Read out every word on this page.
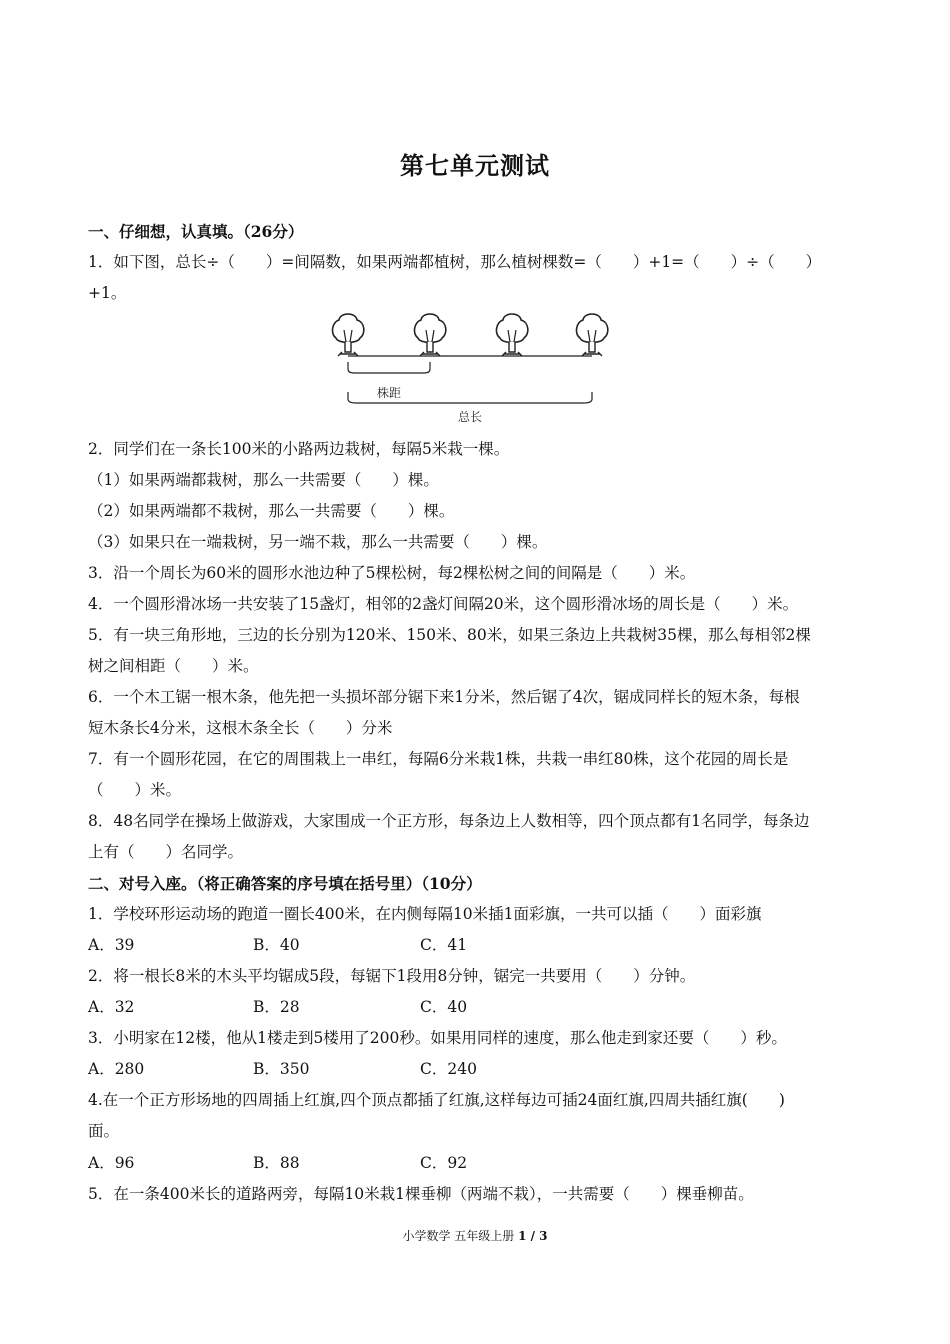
第七单元测试
一、仔细想，认真填。（26分）
1．如下图，总长÷（　　）=间隔数，如果两端都植树，那么植树棵数=（　　）+1=（　　）÷（　　）
+1。
株距
总长
2．同学们在一条长100米的小路两边栽树，每隔5米栽一棵。
（1）如果两端都栽树，那么一共需要（　　）棵。
（2）如果两端都不栽树，那么一共需要（　　）棵。
（3）如果只在一端栽树，另一端不栽，那么一共需要（　　）棵。
3．沿一个周长为60米的圆形水池边种了5棵松树，每2棵松树之间的间隔是（　　）米。
4．一个圆形滑冰场一共安装了15盏灯，相邻的2盏灯间隔20米，这个圆形滑冰场的周长是（　　）米。
5．有一块三角形地，三边的长分别为120米、150米、80米，如果三条边上共栽树35棵，那么每相邻2棵
树之间相距（　　）米。
6．一个木工锯一根木条，他先把一头损坏部分锯下来1分米，然后锯了4次，锯成同样长的短木条，每根
短木条长4分米，这根木条全长（　　）分米
7．有一个圆形花园，在它的周围栽上一串红，每隔6分米栽1株，共栽一串红80株，这个花园的周长是
（　　）米。
8．48名同学在操场上做游戏，大家围成一个正方形，每条边上人数相等，四个顶点都有1名同学，每条边
上有（　　）名同学。
二、对号入座。（将正确答案的序号填在括号里）（10分）
1．学校环形运动场的跑道一圈长400米，在内侧每隔10米插1面彩旗，一共可以插（　　）面彩旗
A．39	B．40	C．41
2．将一根长8米的木头平均锯成5段，每锯下1段用8分钟，锯完一共要用（　　）分钟。
A．32	B．28	C．40
3．小明家在12楼，他从1楼走到5楼用了200秒。如果用同样的速度，那么他走到家还要（　　）秒。
A．280	B．350	C．240
4.在一个正方形场地的四周插上红旗,四个顶点都插了红旗,这样每边可插24面红旗,四周共插红旗(　　)
面。
A．96	B．88	C．92
5．在一条400米长的道路两旁，每隔10米栽1棵垂柳（两端不栽），一共需要（　　）棵垂柳苗。
小学数学 五年级上册 1 / 3
